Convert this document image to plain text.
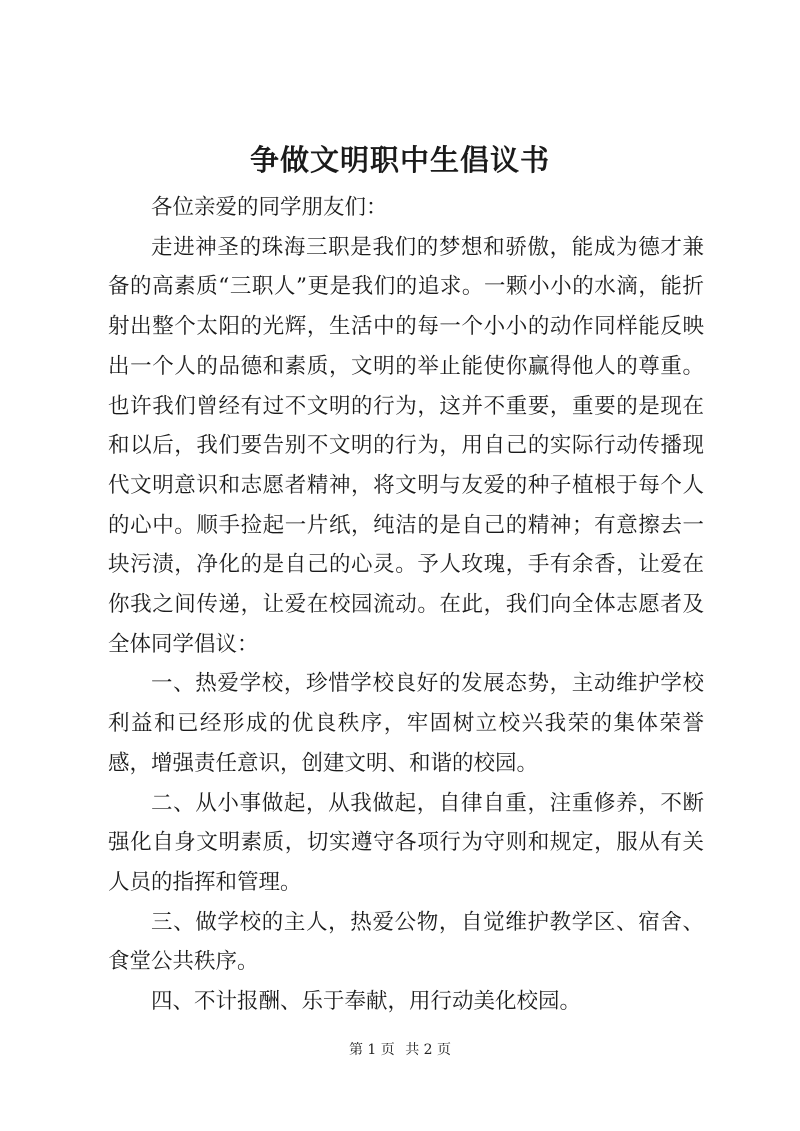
争做文明职中生倡议书

各位亲爱的同学朋友们：

走进神圣的珠海三职是我们的梦想和骄傲，能成为德才兼备的高素质“三职人”更是我们的追求。一颗小小的水滴，能折射出整个太阳的光辉，生活中的每一个小小的动作同样能反映出一个人的品德和素质，文明的举止能使你赢得他人的尊重。也许我们曾经有过不文明的行为，这并不重要，重要的是现在和以后，我们要告别不文明的行为，用自己的实际行动传播现代文明意识和志愿者精神，将文明与友爱的种子植根于每个人的心中。顺手捡起一片纸，纯洁的是自己的精神；有意擦去一块污渍，净化的是自己的心灵。予人玫瑰，手有余香，让爱在你我之间传递，让爱在校园流动。在此，我们向全体志愿者及全体同学倡议：

一、热爱学校，珍惜学校良好的发展态势，主动维护学校利益和已经形成的优良秩序，牢固树立校兴我荣的集体荣誉感，增强责任意识，创建文明、和谐的校园。

二、从小事做起，从我做起，自律自重，注重修养，不断强化自身文明素质，切实遵守各项行为守则和规定，服从有关人员的指挥和管理。

三、做学校的主人，热爱公物，自觉维护教学区、宿舍、食堂公共秩序。

四、不计报酬、乐于奉献，用行动美化校园。

第 1 页 共 2 页
